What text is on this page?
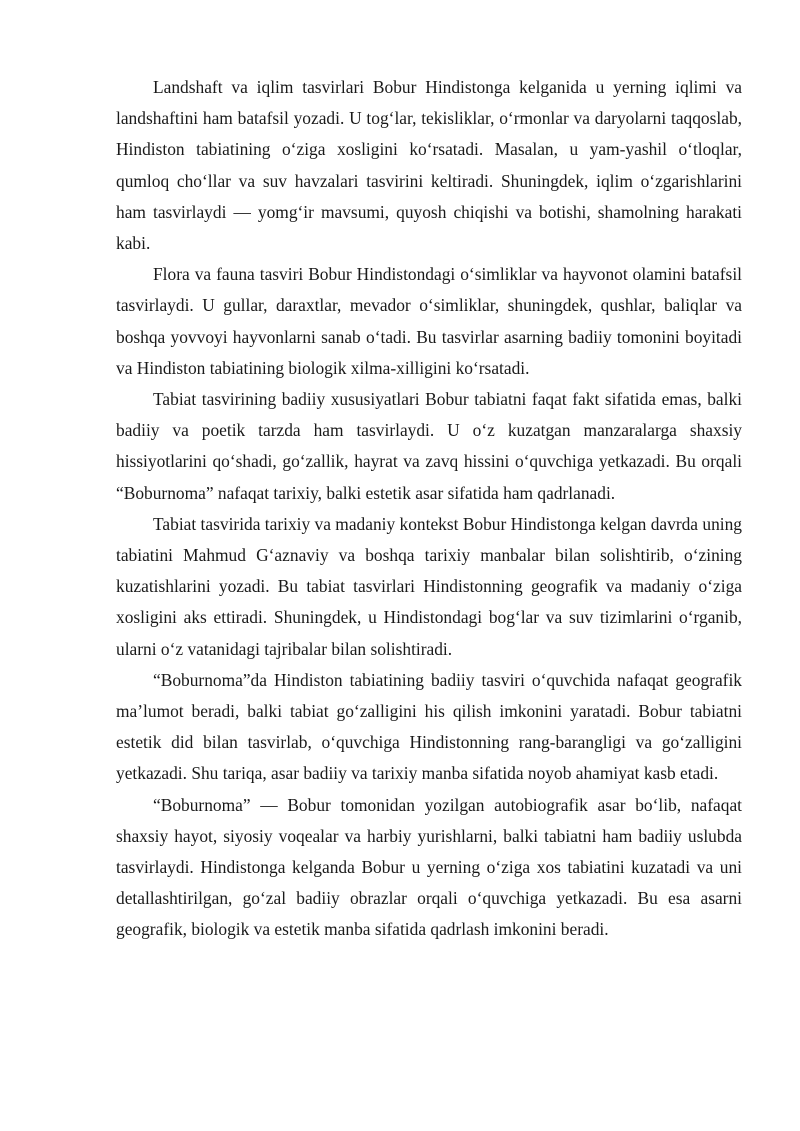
Landshaft va iqlim tasvirlari Bobur Hindistonga kelganida u yerning iqlimi va landshaftini ham batafsil yozadi. U tog‘lar, tekisliklar, o‘rmonlar va daryolarni taqqoslab, Hindiston tabiatining o‘ziga xosligini ko‘rsatadi. Masalan, u yam-yashil o‘tloqlar, qumloq cho‘llar va suv havzalari tasvirini keltiradi. Shuningdek, iqlim o‘zgarishlarini ham tasvirlaydi — yomg‘ir mavsumi, quyosh chiqishi va botishi, shamolning harakati kabi.

Flora va fauna tasviri Bobur Hindistondagi o‘simliklar va hayvonot olamini batafsil tasvirlaydi. U gullar, daraxtlar, mevador o‘simliklar, shuningdek, qushlar, baliqlar va boshqa yovvoyi hayvonlarni sanab o‘tadi. Bu tasvirlar asarning badiiy tomonini boyitadi va Hindiston tabiatining biologik xilma-xilligini ko‘rsatadi.

Tabiat tasvirining badiiy xususiyatlari Bobur tabiatni faqat fakt sifatida emas, balki badiiy va poetik tarzda ham tasvirlaydi. U o‘z kuzatgan manzaralarga shaxsiy hissiyotlarini qo‘shadi, go‘zallik, hayrat va zavq hissini o‘quvchiga yetkazadi. Bu orqali “Boburnoma” nafaqat tarixiy, balki estetik asar sifatida ham qadrlanadi.

Tabiat tasvirida tarixiy va madaniy kontekst Bobur Hindistonga kelgan davrda uning tabiatini Mahmud G‘aznaviy va boshqa tarixiy manbalar bilan solishtirib, o‘zining kuzatishlarini yozadi. Bu tabiat tasvirlari Hindistonning geografik va madaniy o‘ziga xosligini aks ettiradi. Shuningdek, u Hindistondagi bog‘lar va suv tizimlarini o‘rganib, ularni o‘z vatanidagi tajribalar bilan solishtiradi.

“Boburnoma”da Hindiston tabiatining badiiy tasviri o‘quvchida nafaqat geografik ma’lumot beradi, balki tabiat go‘zalligini his qilish imkonini yaratadi. Bobur tabiatni estetik did bilan tasvirlab, o‘quvchiga Hindistonning rang-barangligi va go‘zalligini yetkazadi. Shu tariqa, asar badiiy va tarixiy manba sifatida noyob ahamiyat kasb etadi.

“Boburnoma” — Bobur tomonidan yozilgan autobiografik asar bo‘lib, nafaqat shaxsiy hayot, siyosiy voqealar va harbiy yurishlarni, balki tabiatni ham badiiy uslubda tasvirlaydi. Hindistonga kelganda Bobur u yerning o‘ziga xos tabiatini kuzatadi va uni detallashtirilgan, go‘zal badiiy obrazlar orqali o‘quvchiga yetkazadi. Bu esa asarni geografik, biologik va estetik manba sifatida qadrlash imkonini beradi.
